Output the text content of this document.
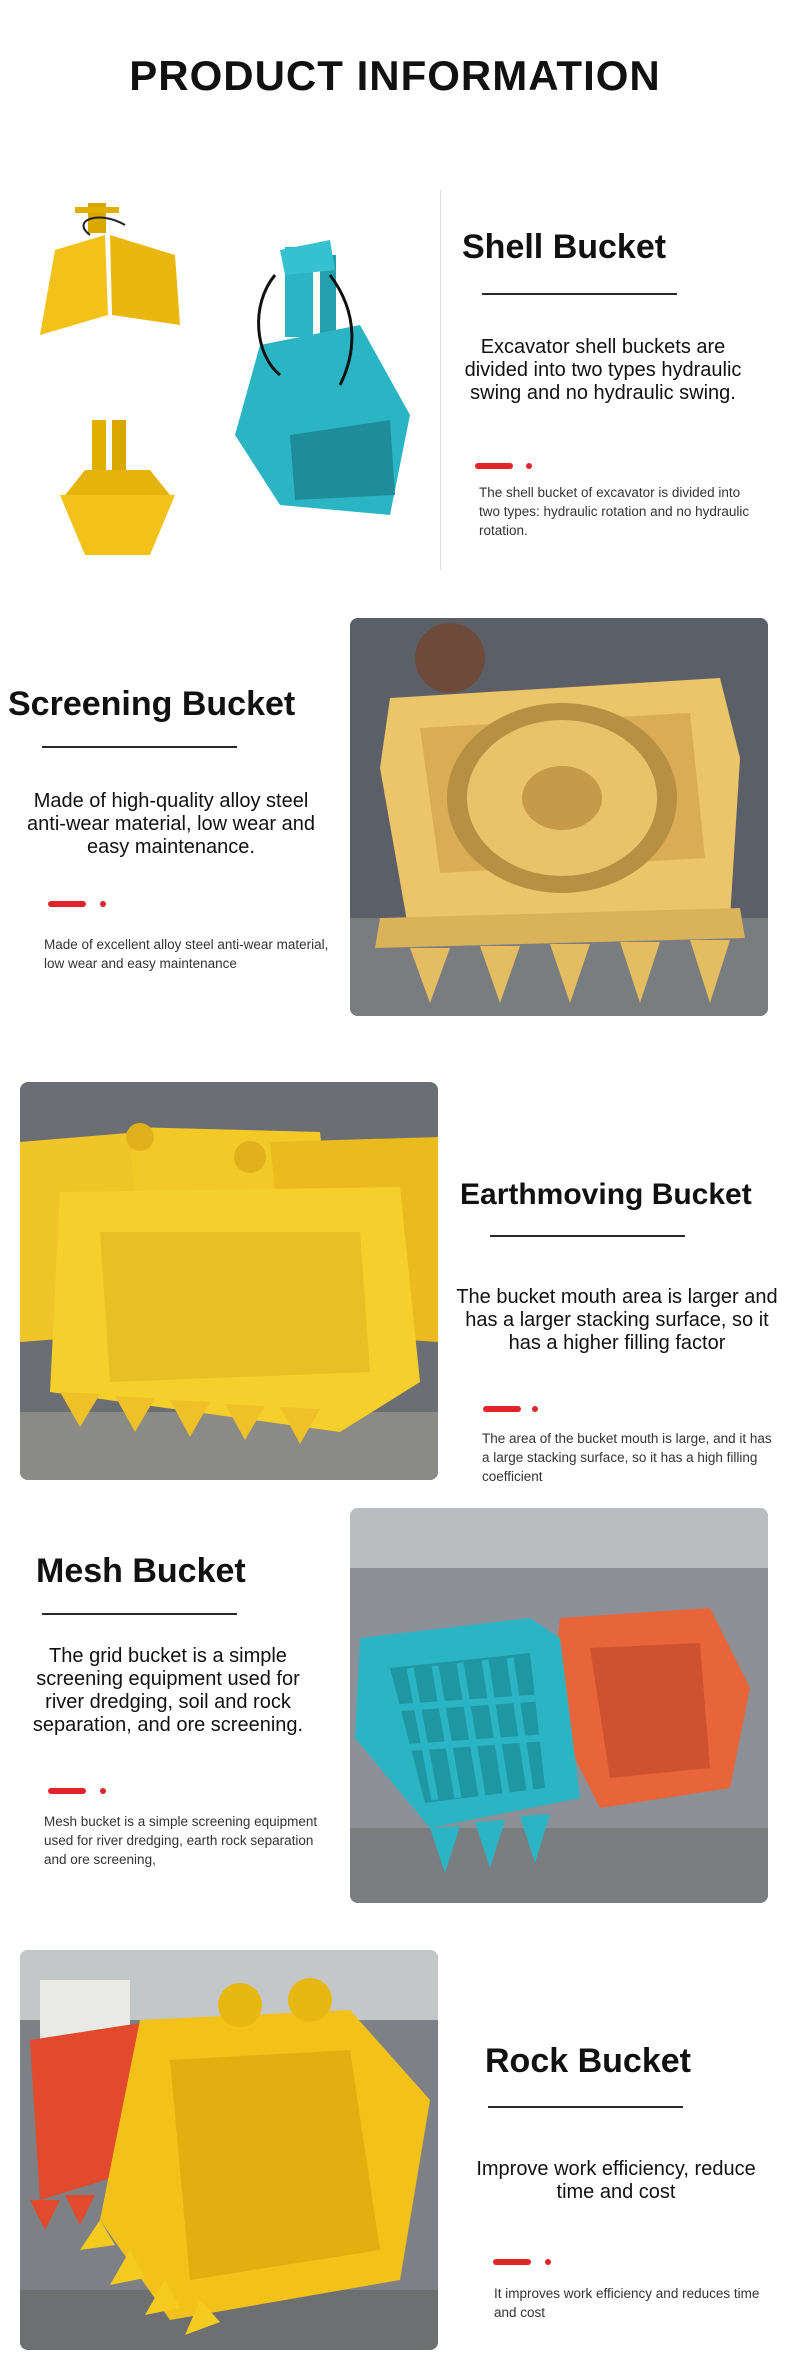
PRODUCT INFORMATION
Shell Bucket
Excavator shell buckets are divided into two types hydraulic swing and no hydraulic swing.
The shell bucket of excavator is divided into two types: hydraulic rotation and no hydraulic rotation.
Screening Bucket
Made of high-quality alloy steel anti-wear material, low wear and easy maintenance.
Made of excellent alloy steel anti-wear material, low wear and easy maintenance
Earthmoving Bucket
The bucket mouth area is larger and has a larger stacking surface, so it has a higher filling factor
The area of the bucket mouth is large, and it has a large stacking surface, so it has a high filling coefficient
Mesh Bucket
The grid bucket is a simple screening equipment used for river dredging, soil and rock separation, and ore screening.
Mesh bucket is a simple screening equipment used for river dredging, earth rock separation and ore screening,
Rock Bucket
Improve work efficiency, reduce time and cost
It improves work efficiency and reduces time and cost
